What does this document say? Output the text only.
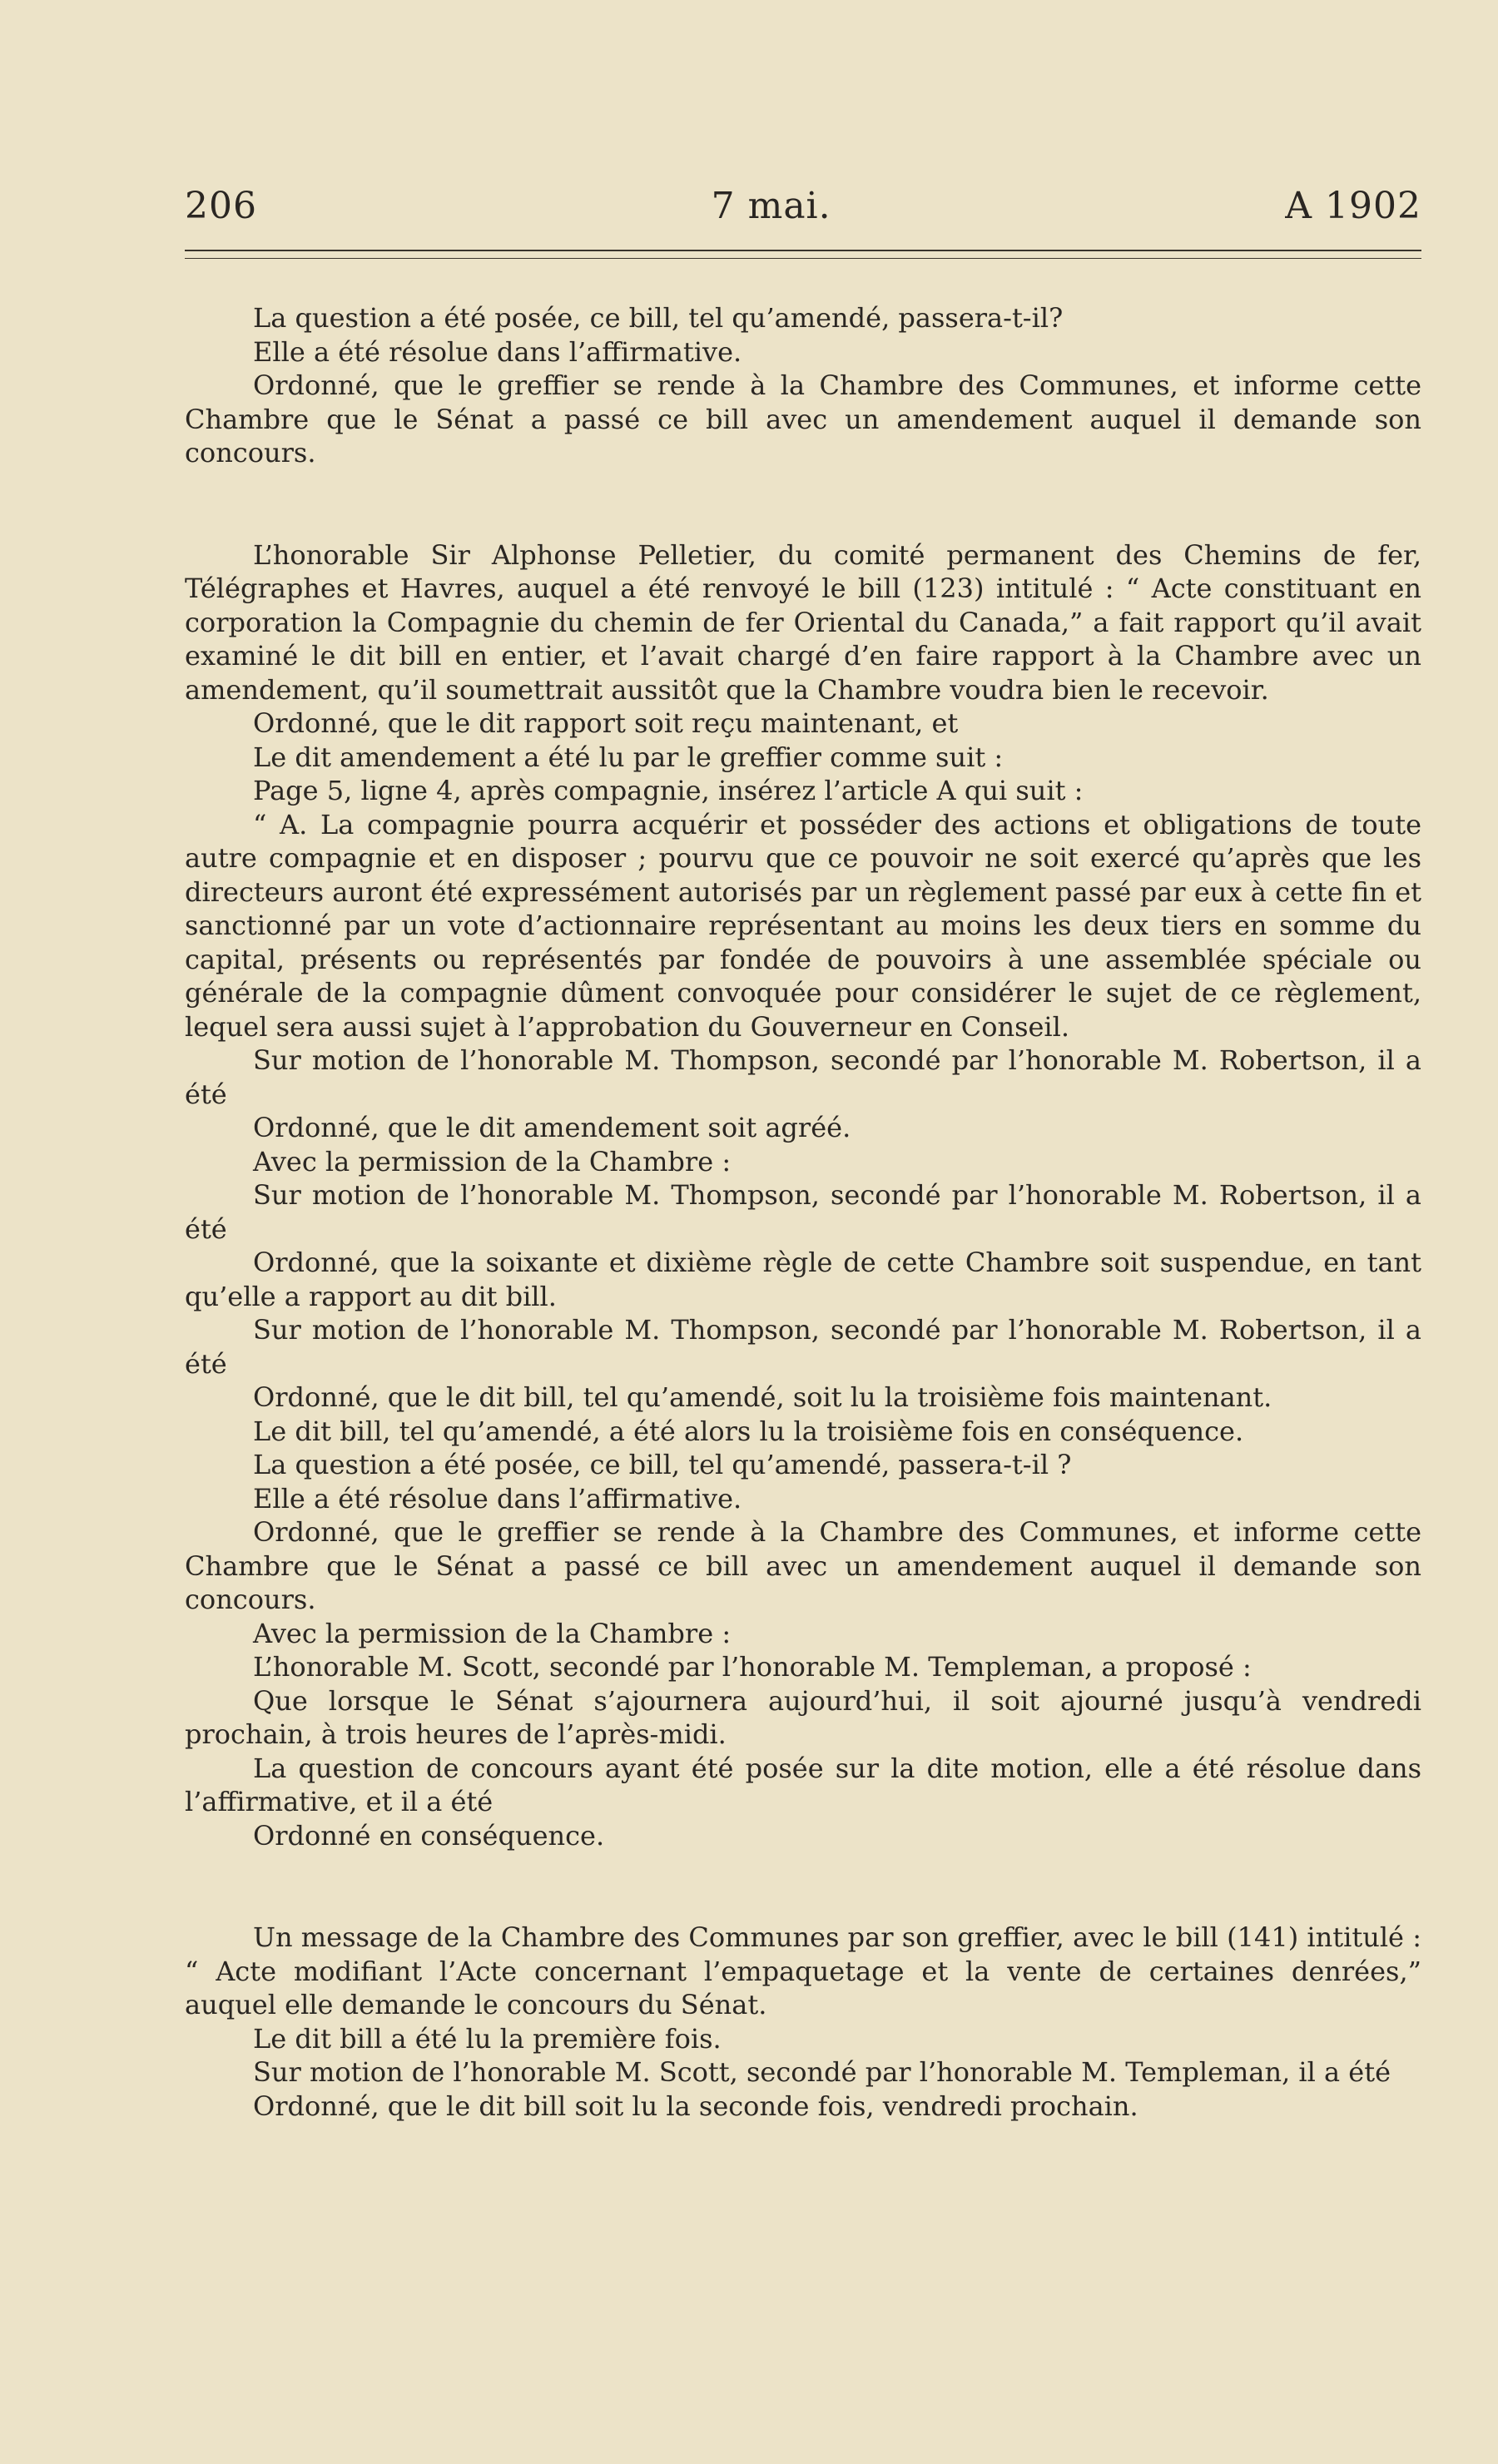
206	7 mai.	A 1902

La question a été posée, ce bill, tel qu’amendé, passera-t-il?

Elle a été résolue dans l’affirmative.

Ordonné, que le greffier se rende à la Chambre des Communes, et informe cette Chambre que le Sénat a passé ce bill avec un amendement auquel il demande son concours.

L’honorable Sir Alphonse Pelletier, du comité permanent des Chemins de fer, Télégraphes et Havres, auquel a été renvoyé le bill (123) intitulé : “ Acte constituant en corporation la Compagnie du chemin de fer Oriental du Canada,” a fait rapport qu’il avait examiné le dit bill en entier, et l’avait chargé d’en faire rapport à la Chambre avec un amendement, qu’il soumettrait aussitôt que la Chambre voudra bien le recevoir.

Ordonné, que le dit rapport soit reçu maintenant, et

Le dit amendement a été lu par le greffier comme suit :

Page 5, ligne 4, après compagnie, insérez l’article A qui suit :

“ A. La compagnie pourra acquérir et posséder des actions et obligations de toute autre compagnie et en disposer ; pourvu que ce pouvoir ne soit exercé qu’après que les directeurs auront été expressément autorisés par un règlement passé par eux à cette fin et sanctionné par un vote d’actionnaire représentant au moins les deux tiers en somme du capital, présents ou représentés par fondée de pouvoirs à une assemblée spéciale ou générale de la compagnie dûment convoquée pour considérer le sujet de ce règlement, lequel sera aussi sujet à l’approbation du Gouverneur en Conseil.

Sur motion de l’honorable M. Thompson, secondé par l’honorable M. Robertson, il a été

Ordonné, que le dit amendement soit agréé.

Avec la permission de la Chambre :

Sur motion de l’honorable M. Thompson, secondé par l’honorable M. Robertson, il a été

Ordonné, que la soixante et dixième règle de cette Chambre soit suspendue, en tant qu’elle a rapport au dit bill.

Sur motion de l’honorable M. Thompson, secondé par l’honorable M. Robertson, il a été

Ordonné, que le dit bill, tel qu’amendé, soit lu la troisième fois maintenant.

Le dit bill, tel qu’amendé, a été alors lu la troisième fois en conséquence.

La question a été posée, ce bill, tel qu’amendé, passera-t-il ?

Elle a été résolue dans l’affirmative.

Ordonné, que le greffier se rende à la Chambre des Communes, et informe cette Chambre que le Sénat a passé ce bill avec un amendement auquel il demande son concours.

Avec la permission de la Chambre :

L’honorable M. Scott, secondé par l’honorable M. Templeman, a proposé :

Que lorsque le Sénat s’ajournera aujourd’hui, il soit ajourné jusqu’à vendredi prochain, à trois heures de l’après-midi.

La question de concours ayant été posée sur la dite motion, elle a été résolue dans l’affirmative, et il a été

Ordonné en conséquence.

Un message de la Chambre des Communes par son greffier, avec le bill (141) intitulé : “ Acte modifiant l’Acte concernant l’empaquetage et la vente de certaines denrées,” auquel elle demande le concours du Sénat.

Le dit bill a été lu la première fois.

Sur motion de l’honorable M. Scott, secondé par l’honorable M. Templeman, il a été

Ordonné, que le dit bill soit lu la seconde fois, vendredi prochain.
